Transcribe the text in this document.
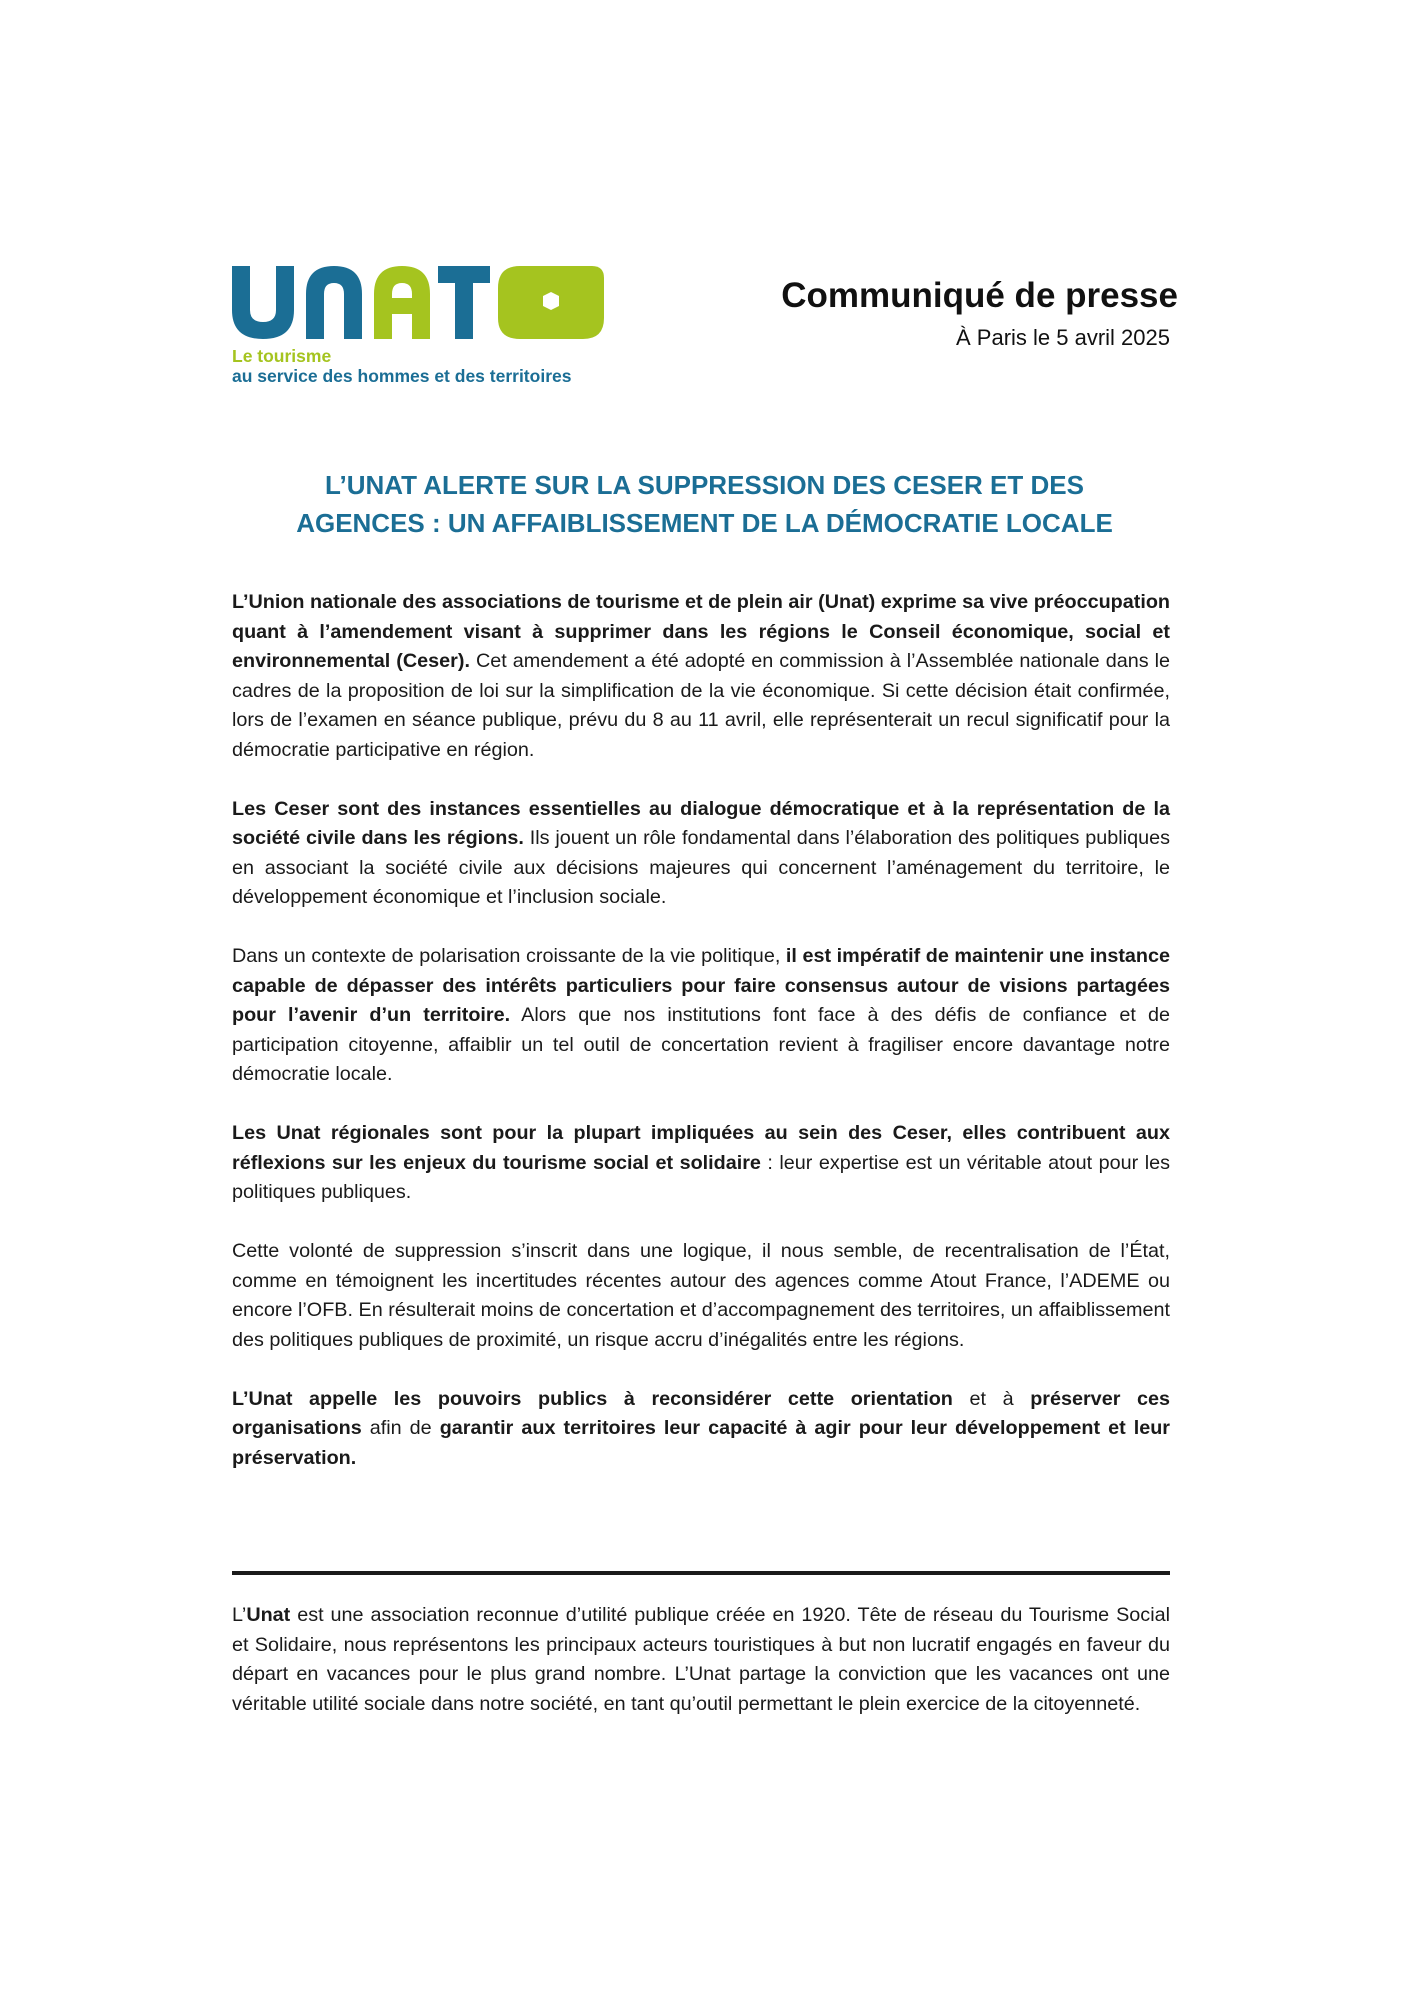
Le tourisme
au service des hommes et des territoires
Communiqué de presse
À Paris le 5 avril 2025
L’UNAT ALERTE SUR LA SUPPRESSION DES CESER ET DES
AGENCES : UN AFFAIBLISSEMENT DE LA DÉMOCRATIE LOCALE

L’Union nationale des associations de tourisme et de plein air (Unat) exprime sa vive préoccupation quant à l’amendement visant à supprimer dans les régions le Conseil économique, social et environnemental (Ceser). Cet amendement a été adopté en commission à l’Assemblée nationale dans le cadres de la proposition de loi sur la simplification de la vie économique. Si cette décision était confirmée, lors de l’examen en séance publique, prévu du 8 au 11 avril, elle représenterait un recul significatif pour la démocratie participative en région.

Les Ceser sont des instances essentielles au dialogue démocratique et à la représentation de la société civile dans les régions. Ils jouent un rôle fondamental dans l’élaboration des politiques publiques en associant la société civile aux décisions majeures qui concernent l’aménagement du territoire, le développement économique et l’inclusion sociale.

Dans un contexte de polarisation croissante de la vie politique, il est impératif de maintenir une instance capable de dépasser des intérêts particuliers pour faire consensus autour de visions partagées pour l’avenir d’un territoire. Alors que nos institutions font face à des défis de confiance et de participation citoyenne, affaiblir un tel outil de concertation revient à fragiliser encore davantage notre démocratie locale.

Les Unat régionales sont pour la plupart impliquées au sein des Ceser, elles contribuent aux réflexions sur les enjeux du tourisme social et solidaire : leur expertise est un véritable atout pour les politiques publiques.

Cette volonté de suppression s’inscrit dans une logique, il nous semble, de recentralisation de l’État, comme en témoignent les incertitudes récentes autour des agences comme Atout France, l’ADEME ou encore l’OFB. En résulterait moins de concertation et d’accompagnement des territoires, un affaiblissement des politiques publiques de proximité, un risque accru d’inégalités entre les régions.

L’Unat appelle les pouvoirs publics à reconsidérer cette orientation et à préserver ces organisations afin de garantir aux territoires leur capacité à agir pour leur développement et leur préservation.

L’Unat est une association reconnue d’utilité publique créée en 1920. Tête de réseau du Tourisme Social et Solidaire, nous représentons les principaux acteurs touristiques à but non lucratif engagés en faveur du départ en vacances pour le plus grand nombre. L’Unat partage la conviction que les vacances ont une véritable utilité sociale dans notre société, en tant qu’outil permettant le plein exercice de la citoyenneté.
